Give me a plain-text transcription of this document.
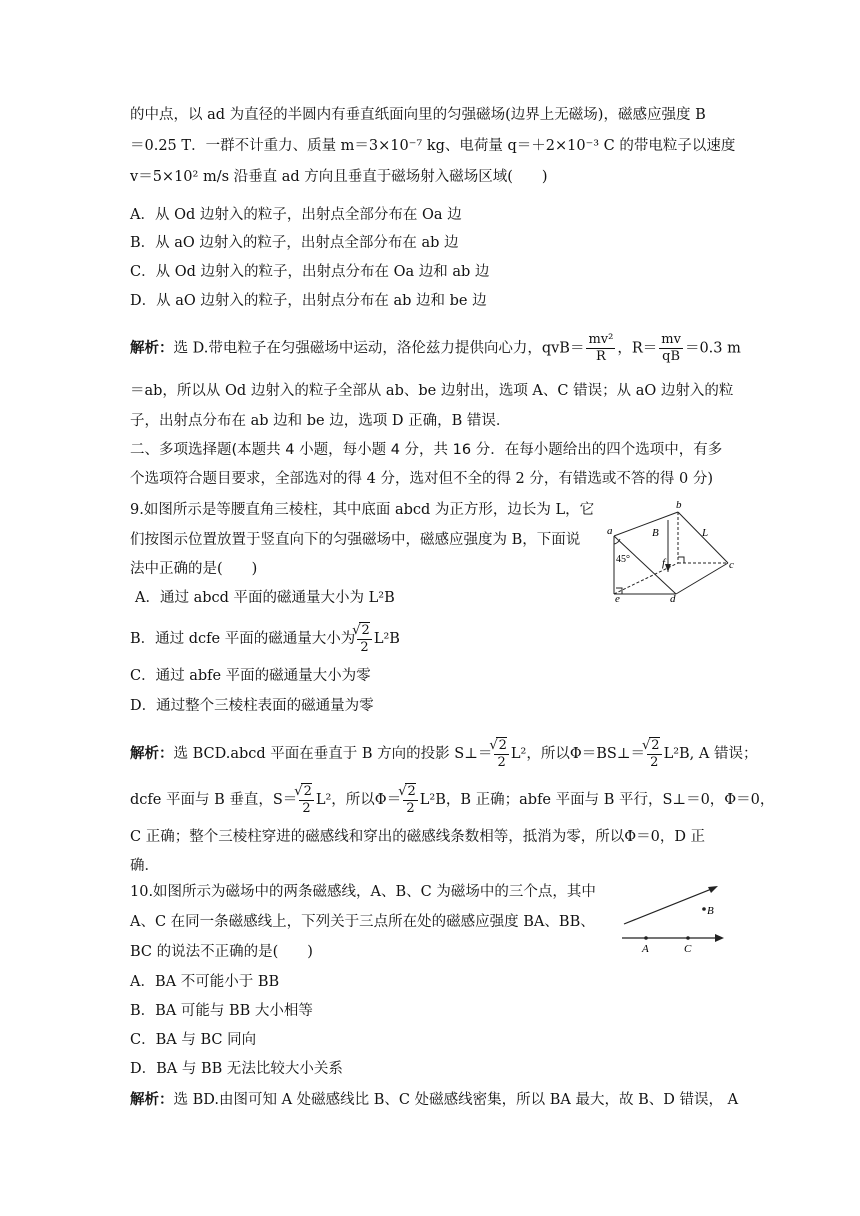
的中点，以 ad 为直径的半圆内有垂直纸面向里的匀强磁场(边界上无磁场)，磁感应强度 B
＝0.25 T．一群不计重力、质量 m＝3×10⁻⁷ kg、电荷量 q＝＋2×10⁻³ C 的带电粒子以速度
v＝5×10² m/s 沿垂直 ad 方向且垂直于磁场射入磁场区域(　　)
A．从 Od 边射入的粒子，出射点全部分布在 Oa 边
B．从 aO 边射入的粒子，出射点全部分布在 ab 边
C．从 Od 边射入的粒子，出射点分布在 Oa 边和 ab 边
D．从 aO 边射入的粒子，出射点分布在 ab 边和 be 边
解析：选 D.带电粒子在匀强磁场中运动，洛伦兹力提供向心力，$qvB= \frac{\text{mv²}}{R}$ ，$R= \frac{mv}{qB} =0.3$ m
＝ab，所以从 Od 边射入的粒子全部从 ab、be 边射出，选项 A、C 错误；从 aO 边射入的粒
子，出射点分布在 ab 边和 be 边，选项 D 正确，B 错误．
二、多项选择题(本题共 4 小题，每小题 4 分，共 16 分．在每小题给出的四个选项中，有多
个选项符合题目要求，全部选对的得 4 分，选对但不全的得 2 分，有错选或不答的得 0 分)
9.如图所示是等腰直角三棱柱，其中底面 abcd 为正方形，边长为 L，它
们按图示位置放置于竖直向下的匀强磁场中，磁感应强度为 B，下面说
法中正确的是(　　)
A．通过 abcd 平面的磁通量大小为 L²B
B．通过 dcfe 平面的磁通量大小为 √ $\frac{2}{2} L^2B$
C．通过 abfe 平面的磁通量大小为零
D．通过整个三棱柱表面的磁通量为零
a
b
c
d
e
f
B	L
45°
解析：选 BCD.abcd 平面在垂直于 B 方向的投影 S⊥＝ √ $\frac{2}{2} L^2$，所以Φ＝BS⊥＝ √ $\frac{2}{2} L^2B$, A 错误；
dcfe 平面与 B 垂直，S＝ √ $\frac{2}{2} L^2$，所以Φ＝ √ $\frac{2}{2} L^2B$，B 正确；abfe 平面与 B 平行，S⊥＝0，Φ＝0，
C 正确；整个三棱柱穿进的磁感线和穿出的磁感线条数相等，抵消为零，所以Φ＝0，D 正
确．
10.如图所示为磁场中的两条磁感线，A、B、C 为磁场中的三个点，其中
A、C 在同一条磁感线上，下列关于三点所在处的磁感应强度 BA、BB、
BC 的说法不正确的是(　　)
A．BA 不可能小于 BB
B．BA 可能与 BB 大小相等
C．BA 与 BC 同向
D．BA 与 BB 无法比较大小关系
B
A	C
解析：选 BD.由图可知 A 处磁感线比 B、C 处磁感线密集，所以 BA 最大，故 B、D 错误， A
